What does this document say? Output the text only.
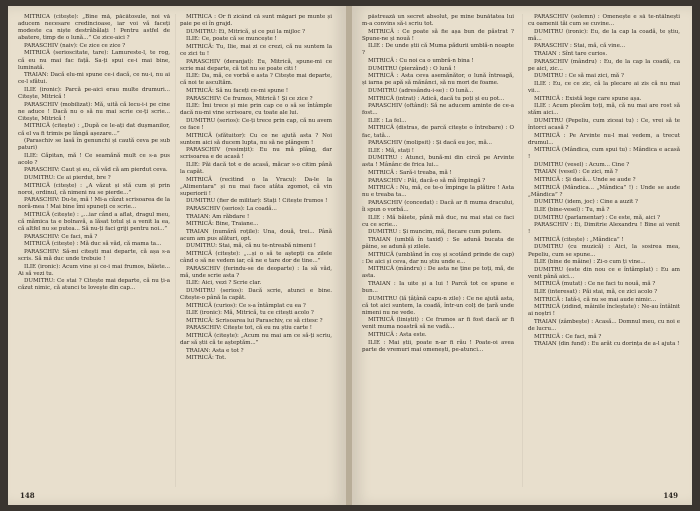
MITRICĂ (citește): „Bine mă, păcătosule, noi vă aducem necesare credincioase, iar voi vă faceți modeste ca niște destrăbălați ! Pentru astfel de abatere, timp de o lună...” Ce zice-aici ?

PARASCHIV (naiv): Ce zice ce zice ?

MITRICĂ (serioscitate, tare): Lamureste-l, te rog, că eu nu mai fac față. Sa-ți spui ce-i mai bine, luminată.

TRAIAN: Dacă elu-mi spune ce-i dacă, ce nu-i, nu ai ce-l sfătui.

ILIE (ironic): Parcă pe-aici erau multe drumuri... Citește, Mitrică !

PARASCHIV (mobilizat): Mă, uită că lecu-i-i pe cine ne aduce ! Dacă nu o să nu mai scrie ce-ți scrie... Citește, Mitrică !

MITRICĂ (citește) : „După ce le-ați dat dușmanilor, că el va fi trimis pe lângă așezare...”

(Paraschiv se lasă în genunchi și caută ceva pe sub paturi)

ILIE: Căpitan, mă ! Ce seamănă mult ce s-a pus acolo ?

PARASCHIV: Caut și eu, că văd că am pierdut ceva.

DUMITRU: Ce ai pierdut, bre ?

MITRICĂ (citește) : „A văzut și stă cum și prin noroi, ordinul, că nimeni nu se pierde...”

PARASCHIV: Du-te, mă ! Mi-a căzut scrisoarea de la noră-mea ! Mai bine îmi spuneți ce scrie...

MITRICĂ (citește) : „...iar când a aflat, dragul meu, că mămica ta e bolnavă, a lăsat totul și a venit la ea, că altfel nu se putea... Să nu-ți faci griji pentru noi...”

PARASCHIV: Ce faci, mă ?

MITRICĂ (citește) : Mă duc să văd, că mama ta...

PARASCHIV: Să-mi citești mai departe, că așa s-a scris. Să mă duc unde trebuie !

ILIE (ironic): Acum vine și ce-i mai frumos, băiete... Ai să vezi tu.

DUMITRU: Ce stai ? Citește mai departe, că nu ți-a căzut nimic, că atunci te lovește din cap...

MITRICĂ : Or fi zicând că sunt măgari pe munte și paie pe ei în grajd.

DUMITRU: Ei, Mitrică, și ce pui la mijloc ?

ILIE: Ce, poate că se muncește !

MITRICĂ: Tu, Ilie, mai zi ce crezi, că nu suntem la ce zici tu !

PARASCHIV (deranjat): Eu, Mitrică, spune-mi ce scrie mai departe, că tot nu se poate citi !

ILIE: Da, mă, ce vorbă e asta ? Citește mai departe, că noi te ascultăm.

MITRICĂ: Să nu faceți ce-mi spune !

PARASCHIV: Ce frumos, Mitrică ! Și ce zice ?

ILIE: Îmi trece și mie prin cap ce o să se întâmple dacă nu-mi vine scrisoare, cu toate ale lui.

DUMITRU (serios): Ce-ți trece prin cap, că nu avem ce face !

MITRICĂ (sfătuitor): Cu ce ne ajută asta ? Noi suntem aici să ducem lupta, nu să ne plângem !

PARASCHIV (resimțit): Eu nu mă plâng, dar scrisoarea e de acasă !

ILIE: Păi dacă tot e de acasă, măcar s-o citim până la capăt.

MITRICĂ (recitind o la Vracu): Da-le la „Alimentara” și nu mai face atâta zgomot, că vin superiorii !

DUMITRU (fier de militar): Stați ! Citește frumos !

PARASCHIV (serios): La coadă...

TRAIAN: Am răbdare !

MITRICĂ: Bine, Traiane...

TRAIAN (numără roțile): Una, două, trei... Până acum am pus alături, opt.

DUMITRU: Stai, mă, că nu te-ntreabă nimeni !

MITRICĂ (citește): „...și o să te aștepți ca zilele când o să ne vedem iar, că ne e tare dor de tine...”

PARASCHIV (ferindu-se de deoparte) : Ia să văd, mă, unde scrie asta ?

ILIE: Aici, vezi ? Scrie clar.

DUMITRU (serios): Dacă scrie, atunci e bine. Citește-o până la capăt.

MITRICĂ (curios): Ce s-a întâmplat cu ea ?

ILIE (ironic): Mă, Mitrică, tu ce citești acolo ?

MITRICĂ: Scrisoarea lui Paraschiv, ce să citesc ?

PARASCHIV: Citește tot, că eu nu știu carte !

MITRICĂ (citește): „Acum nu mai am ce să-ți scriu, dar să știi că te așteptăm...”

TRAIAN: Asta e tot ?

MITRICĂ: Tot.

148

păstrează un secret absolut, pe mine bunătatea lui m-a convins să-i scriu tot.

MITRICĂ : Ce poate să fie așa bun de păstrat ? Spune-ne și nouă !

ILIE : De unde știi că Muma pădurii umblă-n noapte ?

MITRICĂ : Cu noi ca o umbră-n bina !

DUMITRU (pierzând) : O lună !

MITRICĂ : Asta ceva asemănător, o lună întreagă, și iarna pe apă să mănânci, să nu mori de foame.

DUMITRU (adresându-i-se) : O lună...

MITRICĂ (intrat) : Adică, dacă tu poți și eu pot...

PARASCHIV (oftând): Să ne aducem aminte de ce-a fost...

ILIE : La fel...

MITRICĂ (distras, de parcă citește o întrebare) : O fac, tată...

PARASCHIV (molipsit) : Și dacă eu joc, mă...

ILIE : Mă, stați !

DUMITRU : Atunci, bună-mi din circă pe Arvinte asta ! Mânânc de frica lui...

MITRICĂ : Sară-i treaba, mă !

PARASCHIV : Păi, dacă-o să mă împingă ?

MITRICĂ : Nu, mă, ce te-o împinge la plătire ! Asta nu e treaba ta...

PARASCHIV (concedat) : Dacă ar fi muma dracului, îi spun o vorbă...

ILIE : Mă băiete, până mă duc, nu mai stai ce faci cu ce scrie...

DUMITRU : Și muncim, mă, fiecare cum putem.

TRAIAN (umblă în taxid) : Se adună bucata de pâine, se adună și zilele.

MITRICĂ (umblând în coș și scotând prinde de cap) : De aici și ceva, dar nu știu unde e...

MITRICĂ (mândru) : De asta ne ține pe toți, mă, de asta.

TRAIAN : Ia uite și a lui ! Parcă tot ce spune e bun...

DUMITRU (lă țâțână capu-n zile) : Ce ne ajută asta, că tot aici suntem, la coadă, într-un colț de țară unde nimeni nu ne vede.

MITRICĂ (liniștit) : Ce frumos ar fi fost dacă ar fi venit muma noastră să ne vadă...

MITRICĂ : Asta este.

ILIE : Mai știi, poate n-ar fi rău ! Poate-oi avea parte de vremuri mai omenești, pe-atunci...

PARASCHIV (solemn) : Omenește e să te-ntâlnești cu oamenii tăi cum se cuvine...

DUMITRU (ironic): Eu, de la cap la coadă, te știu, mă...

PARASCHIV : Stai, mă, că vine...

TRAIAN : Sînt tare curios.

PARASCHIV (mândru) : Eu, de la cap la coadă, ca pe aici, zic...

DUMITRU : Ce să mai zici, mă ?

ILIE : Eu, ce ce zic, că la plecare ai zis că nu mai vii...

MITRICĂ : Există lege care spune așa.

ILIE : Acum plecăm toți, mă, că nu mai are rost să stăm aici...

DUMITRU (Pepeliu, cum ziceai tu) : Ce, vrei să te întorci acasă ?

MITRICĂ : Pe Arvinte nu-l mai vedem, a trecut drumul...

MITRICĂ (Mândica, cum spui tu) : Mândica e acasă !

DUMITRU (vesel) : Acum... Cine ?

TRAIAN (vesel) : Ce zici, mă ?

MITRICĂ : Și dacă... Unde se aude ?

MITRICĂ (Mândica... „Mândica” !) : Unde se aude „Mândica” ?

DUMITRU (idem, joc) : Cine a auzit ?

ILIE (bine-vesel) : Tu, mă ?

DUMITRU (parlamentar) : Ce este, mă, aici ?

PARASCHIV : Ei, Dimitrie Alexandru ! Bine ai venit !

MITRICĂ (citește) : „Mândica” !

DUMITRU (cu muzică) : Aici, la sosirea mea, Pepeliu, cum se spune...

ILIE (bine de mâine) : Zi-o cum ți vine...

DUMITRU (este din nou ce e întâmplat) : Eu am venit până aici...

MITRICĂ (mutat) : Ce ne faci tu nouă, mă ?

ILIE (interesat) : Păi stai, mă, ce zici acolo ?

MITRICĂ : Iată-i, că nu se mai aude nimic...

MITRICĂ (zidind, mâinile încleștate) : Ne-au întâlnit ai noștri !

TRAIAN (zâmbește) : Acasă... Domnul meu, cu noi e de lucru...

MITRICĂ : Ce faci, mă ?

TRAIAN (din fund) : Eu arăt cu dorința de a-l ajuta !

149
